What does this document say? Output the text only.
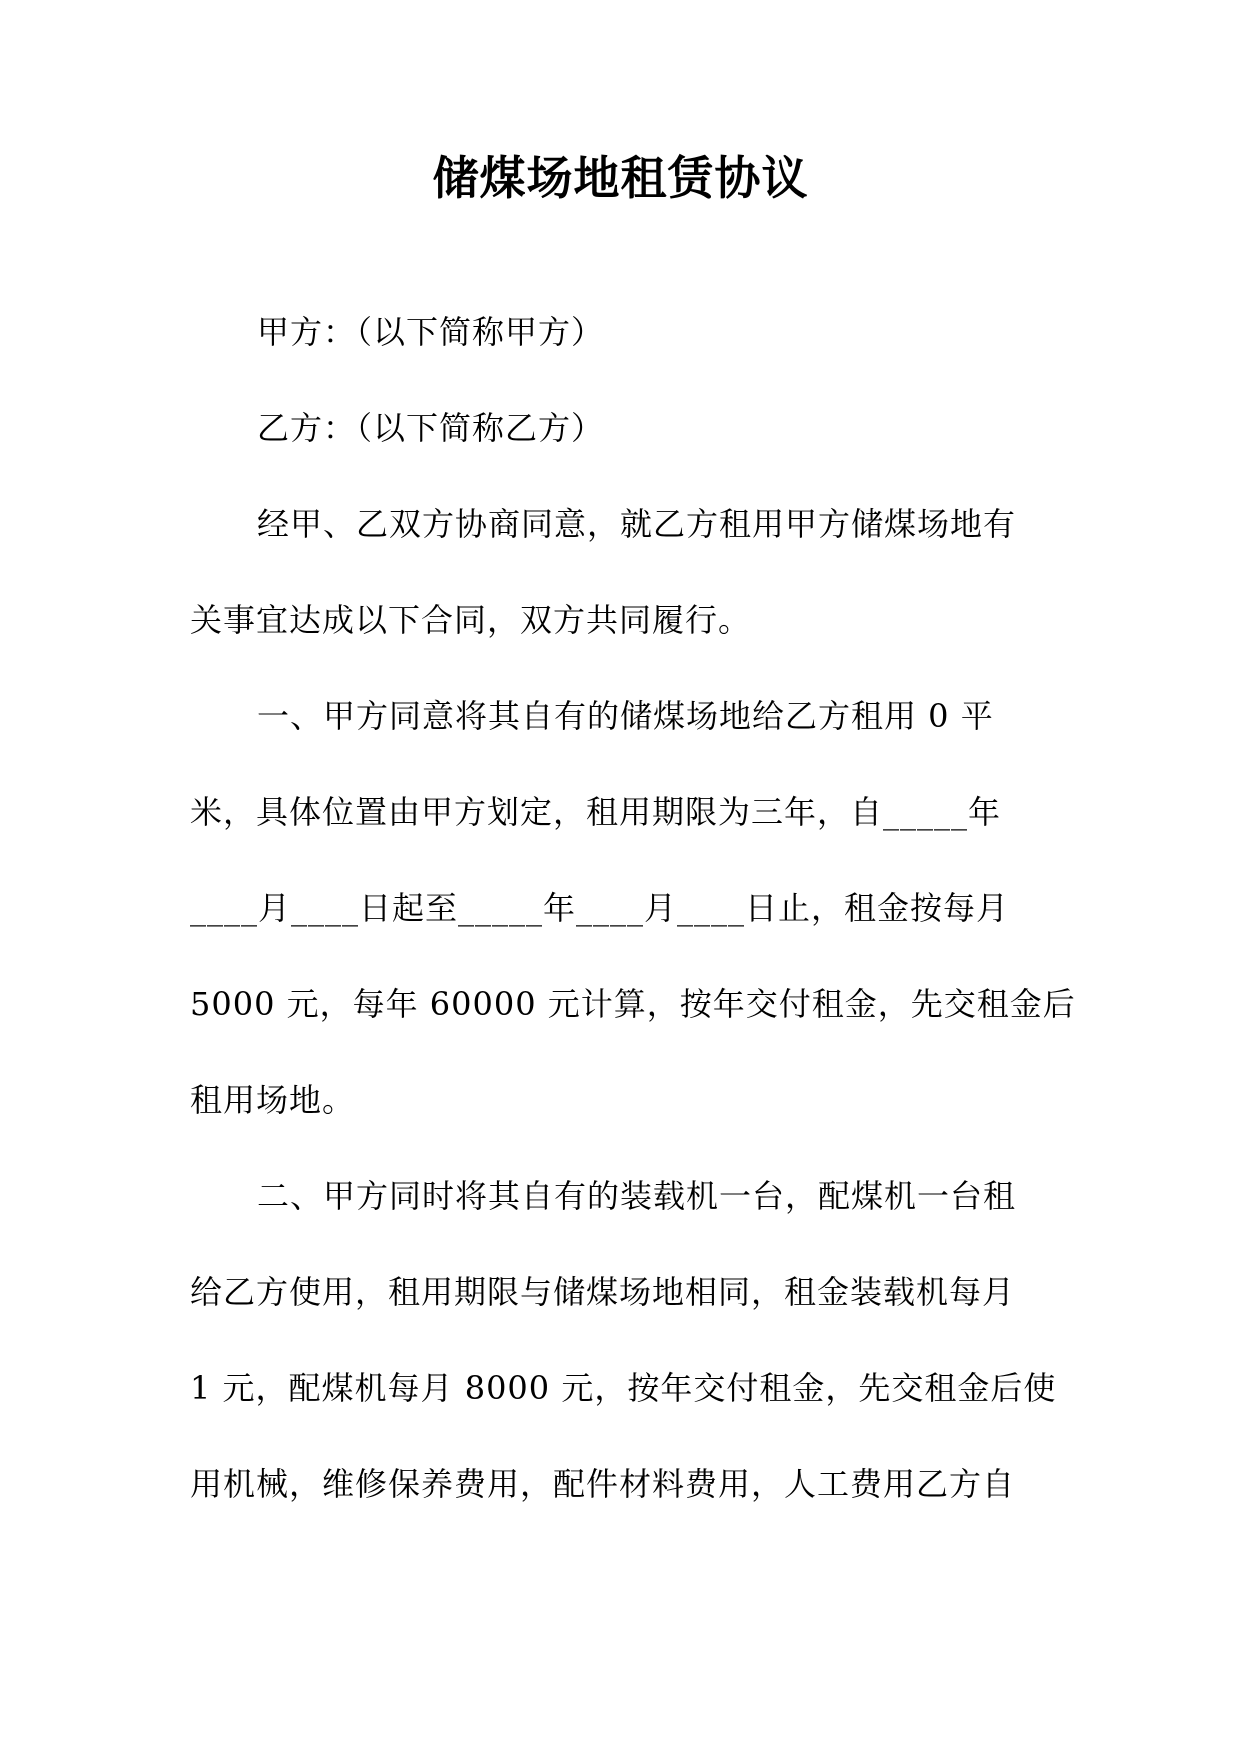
储煤场地租赁协议

甲方：（以下简称甲方）

乙方：（以下简称乙方）

经甲、乙双方协商同意，就乙方租用甲方储煤场地有

关事宜达成以下合同，双方共同履行。

一、甲方同意将其自有的储煤场地给乙方租用 0 平

米，具体位置由甲方划定，租用期限为三年，自_____年

____月____日起至_____年____月____日止，租金按每月

5000 元，每年 60000 元计算，按年交付租金，先交租金后

租用场地。

二、甲方同时将其自有的装载机一台，配煤机一台租

给乙方使用，租用期限与储煤场地相同，租金装载机每月

1 元，配煤机每月 8000 元，按年交付租金，先交租金后使

用机械，维修保养费用，配件材料费用，人工费用乙方自
